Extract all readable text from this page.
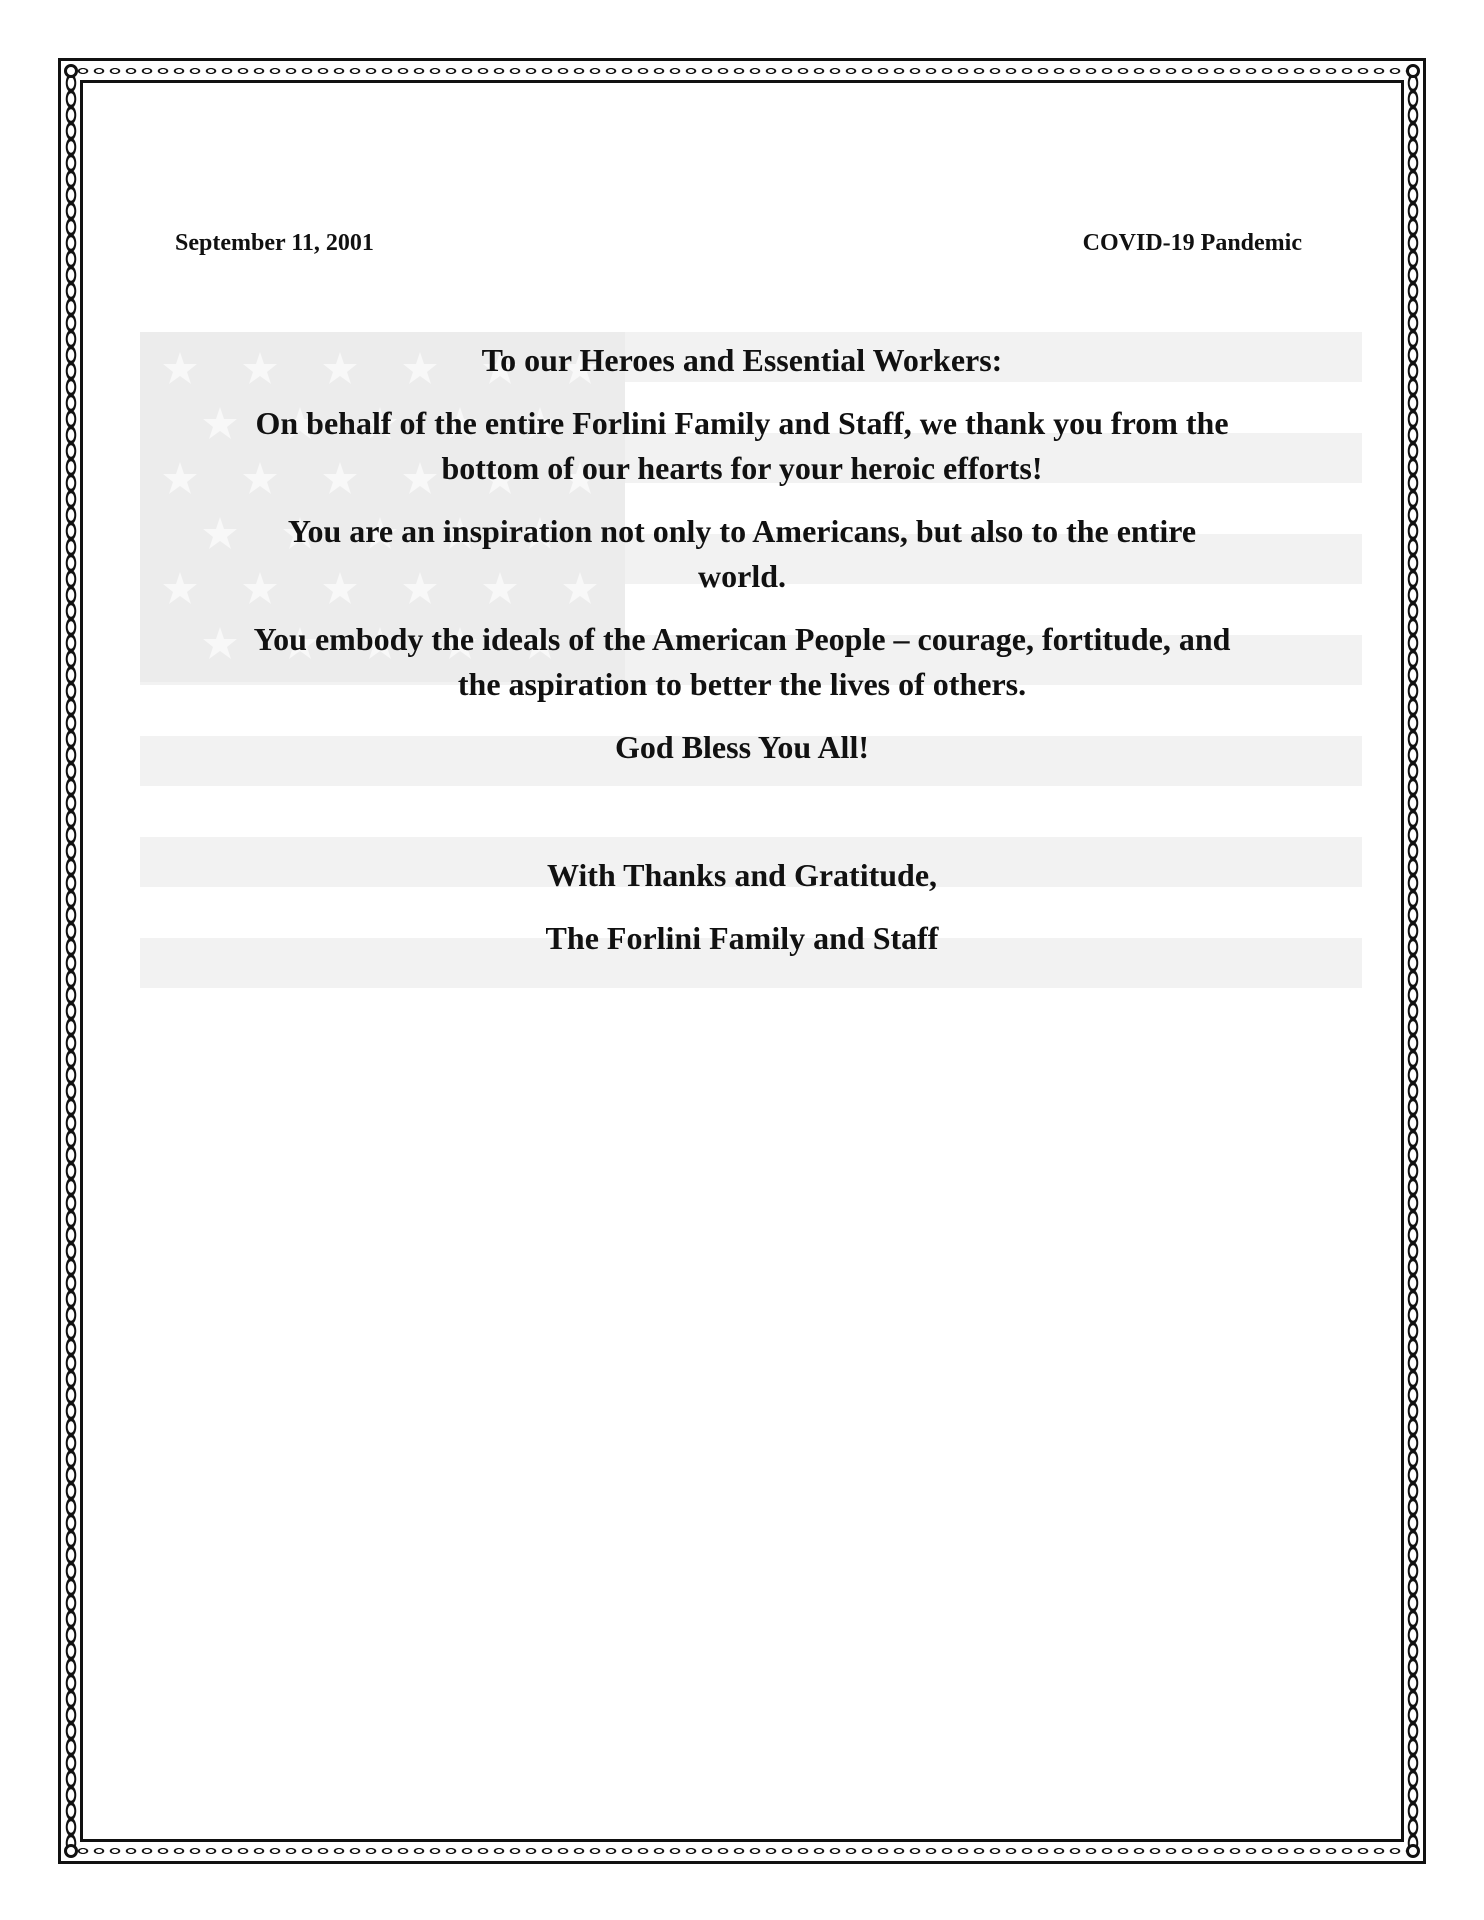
September 11, 2001	COVID-19 Pandemic

To our Heroes and Essential Workers:

On behalf of the entire Forlini Family and Staff, we thank you from the
bottom of our hearts for your heroic efforts!

You are an inspiration not only to Americans, but also to the entire
world.

You embody the ideals of the American People – courage, fortitude, and
the aspiration to better the lives of others.

God Bless You All!

With Thanks and Gratitude,

The Forlini Family and Staff
